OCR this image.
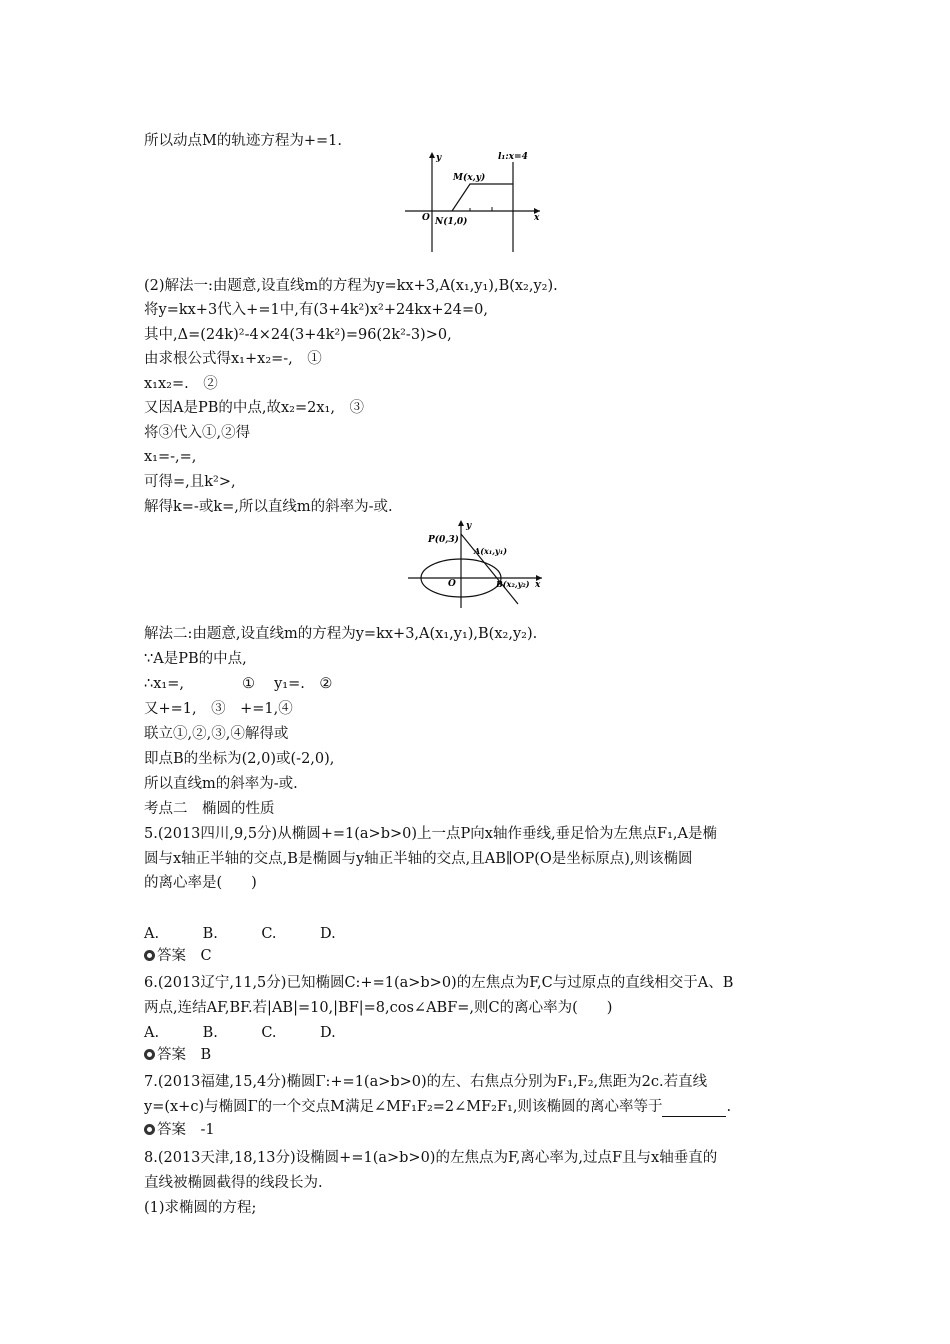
所以动点M的轨迹方程为+=1.
y	l₁:x=4
M(x,y)
O N(1,0)	x
(2)解法一:由题意,设直线m的方程为y=kx+3,A(x₁,y₁),B(x₂,y₂).
将y=kx+3代入+=1中,有(3+4k²)x²+24kx+24=0,
其中,Δ=(24k)²-4×24(3+4k²)=96(2k²-3)>0,
由求根公式得x₁+x₂=-,　①
x₁x₂=.　②
又因A是PB的中点,故x₂=2x₁,　③
将③代入①,②得
x₁=-,=,
可得=,且k²>,
解得k=-或k=,所以直线m的斜率为-或.
y
P(0,3)
A(x₁,y₁)
O	B(x₂,y₂) x
解法二:由题意,设直线m的方程为y=kx+3,A(x₁,y₁),B(x₂,y₂).
∵A是PB的中点,
∴x₁=,　　　　①　 y₁=.　②
又+=1,　③　+=1,④
联立①,②,③,④解得或
即点B的坐标为(2,0)或(-2,0),
所以直线m的斜率为-或.
考点二　椭圆的性质
5.(2013四川,9,5分)从椭圆+=1(a>b>0)上一点P向x轴作垂线,垂足恰为左焦点F₁,A是椭
圆与x轴正半轴的交点,B是椭圆与y轴正半轴的交点,且AB∥OP(O是坐标原点),则该椭圆
的离心率是(　　)
A.　　　B.　　　C.　　　D.
答案　C
6.(2013辽宁,11,5分)已知椭圆C:+=1(a>b>0)的左焦点为F,C与过原点的直线相交于A、B
两点,连结AF,BF.若|AB|=10,|BF|=8,cos∠ABF=,则C的离心率为(　　)
A.　　　B.　　　C.　　　D.
答案　B
7.(2013福建,15,4分)椭圆Γ:+=1(a>b>0)的左、右焦点分别为F₁,F₂,焦距为2c.若直线
y=(x+c)与椭圆Γ的一个交点M满足∠MF₁F₂=2∠MF₂F₁,则该椭圆的离心率等于	.
答案　-1
8.(2013天津,18,13分)设椭圆+=1(a>b>0)的左焦点为F,离心率为,过点F且与x轴垂直的
直线被椭圆截得的线段长为.
(1)求椭圆的方程;
